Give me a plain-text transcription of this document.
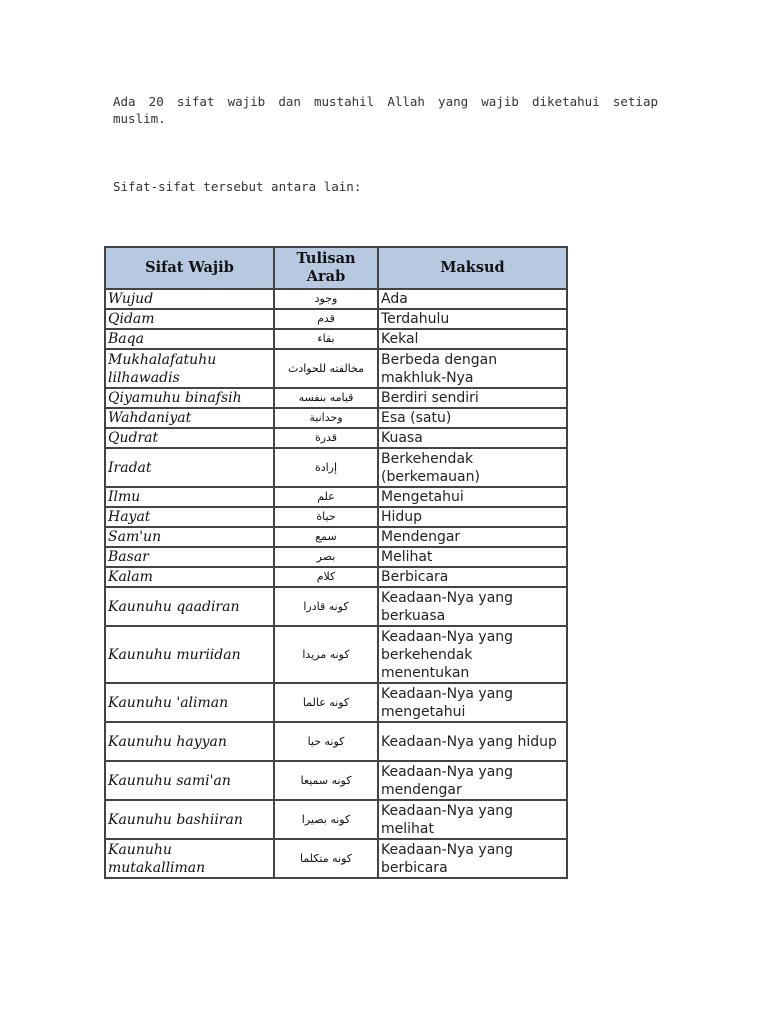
Ada 20 sifat wajib dan mustahil Allah yang wajib diketahui setiap muslim.
Sifat-sifat tersebut antara lain:
Sifat Wajib	Tulisan Arab	Maksud
Wujud	وجود	Ada
Qidam	قدم	Terdahulu
Baqa	بقاء	Kekal
Mukhalafatuhu lilhawadis	مخالفته للحوادث	Berbeda dengan makhluk-Nya
Qiyamuhu binafsih	قيامه بنفسه	Berdiri sendiri
Wahdaniyat	وحدانية	Esa (satu)
Qudrat	قدرة	Kuasa
Iradat	إرادة	Berkehendak (berkemauan)
Ilmu	علم	Mengetahui
Hayat	حياة	Hidup
Sam'un	سمع	Mendengar
Basar	بصر	Melihat
Kalam	كلام	Berbicara
Kaunuhu qaadiran	كونه قادرا	Keadaan-Nya yang berkuasa
Kaunuhu muriidan	كونه مريدا	Keadaan-Nya yang berkehendak menentukan
Kaunuhu 'aliman	كونه عالما	Keadaan-Nya yang mengetahui
Kaunuhu hayyan	كونه حيا	Keadaan-Nya yang hidup
Kaunuhu sami'an	كونه سميعا	Keadaan-Nya yang mendengar
Kaunuhu bashiiran	كونه بصيرا	Keadaan-Nya yang melihat
Kaunuhu mutakalliman	كونه متكلما	Keadaan-Nya yang berbicara
